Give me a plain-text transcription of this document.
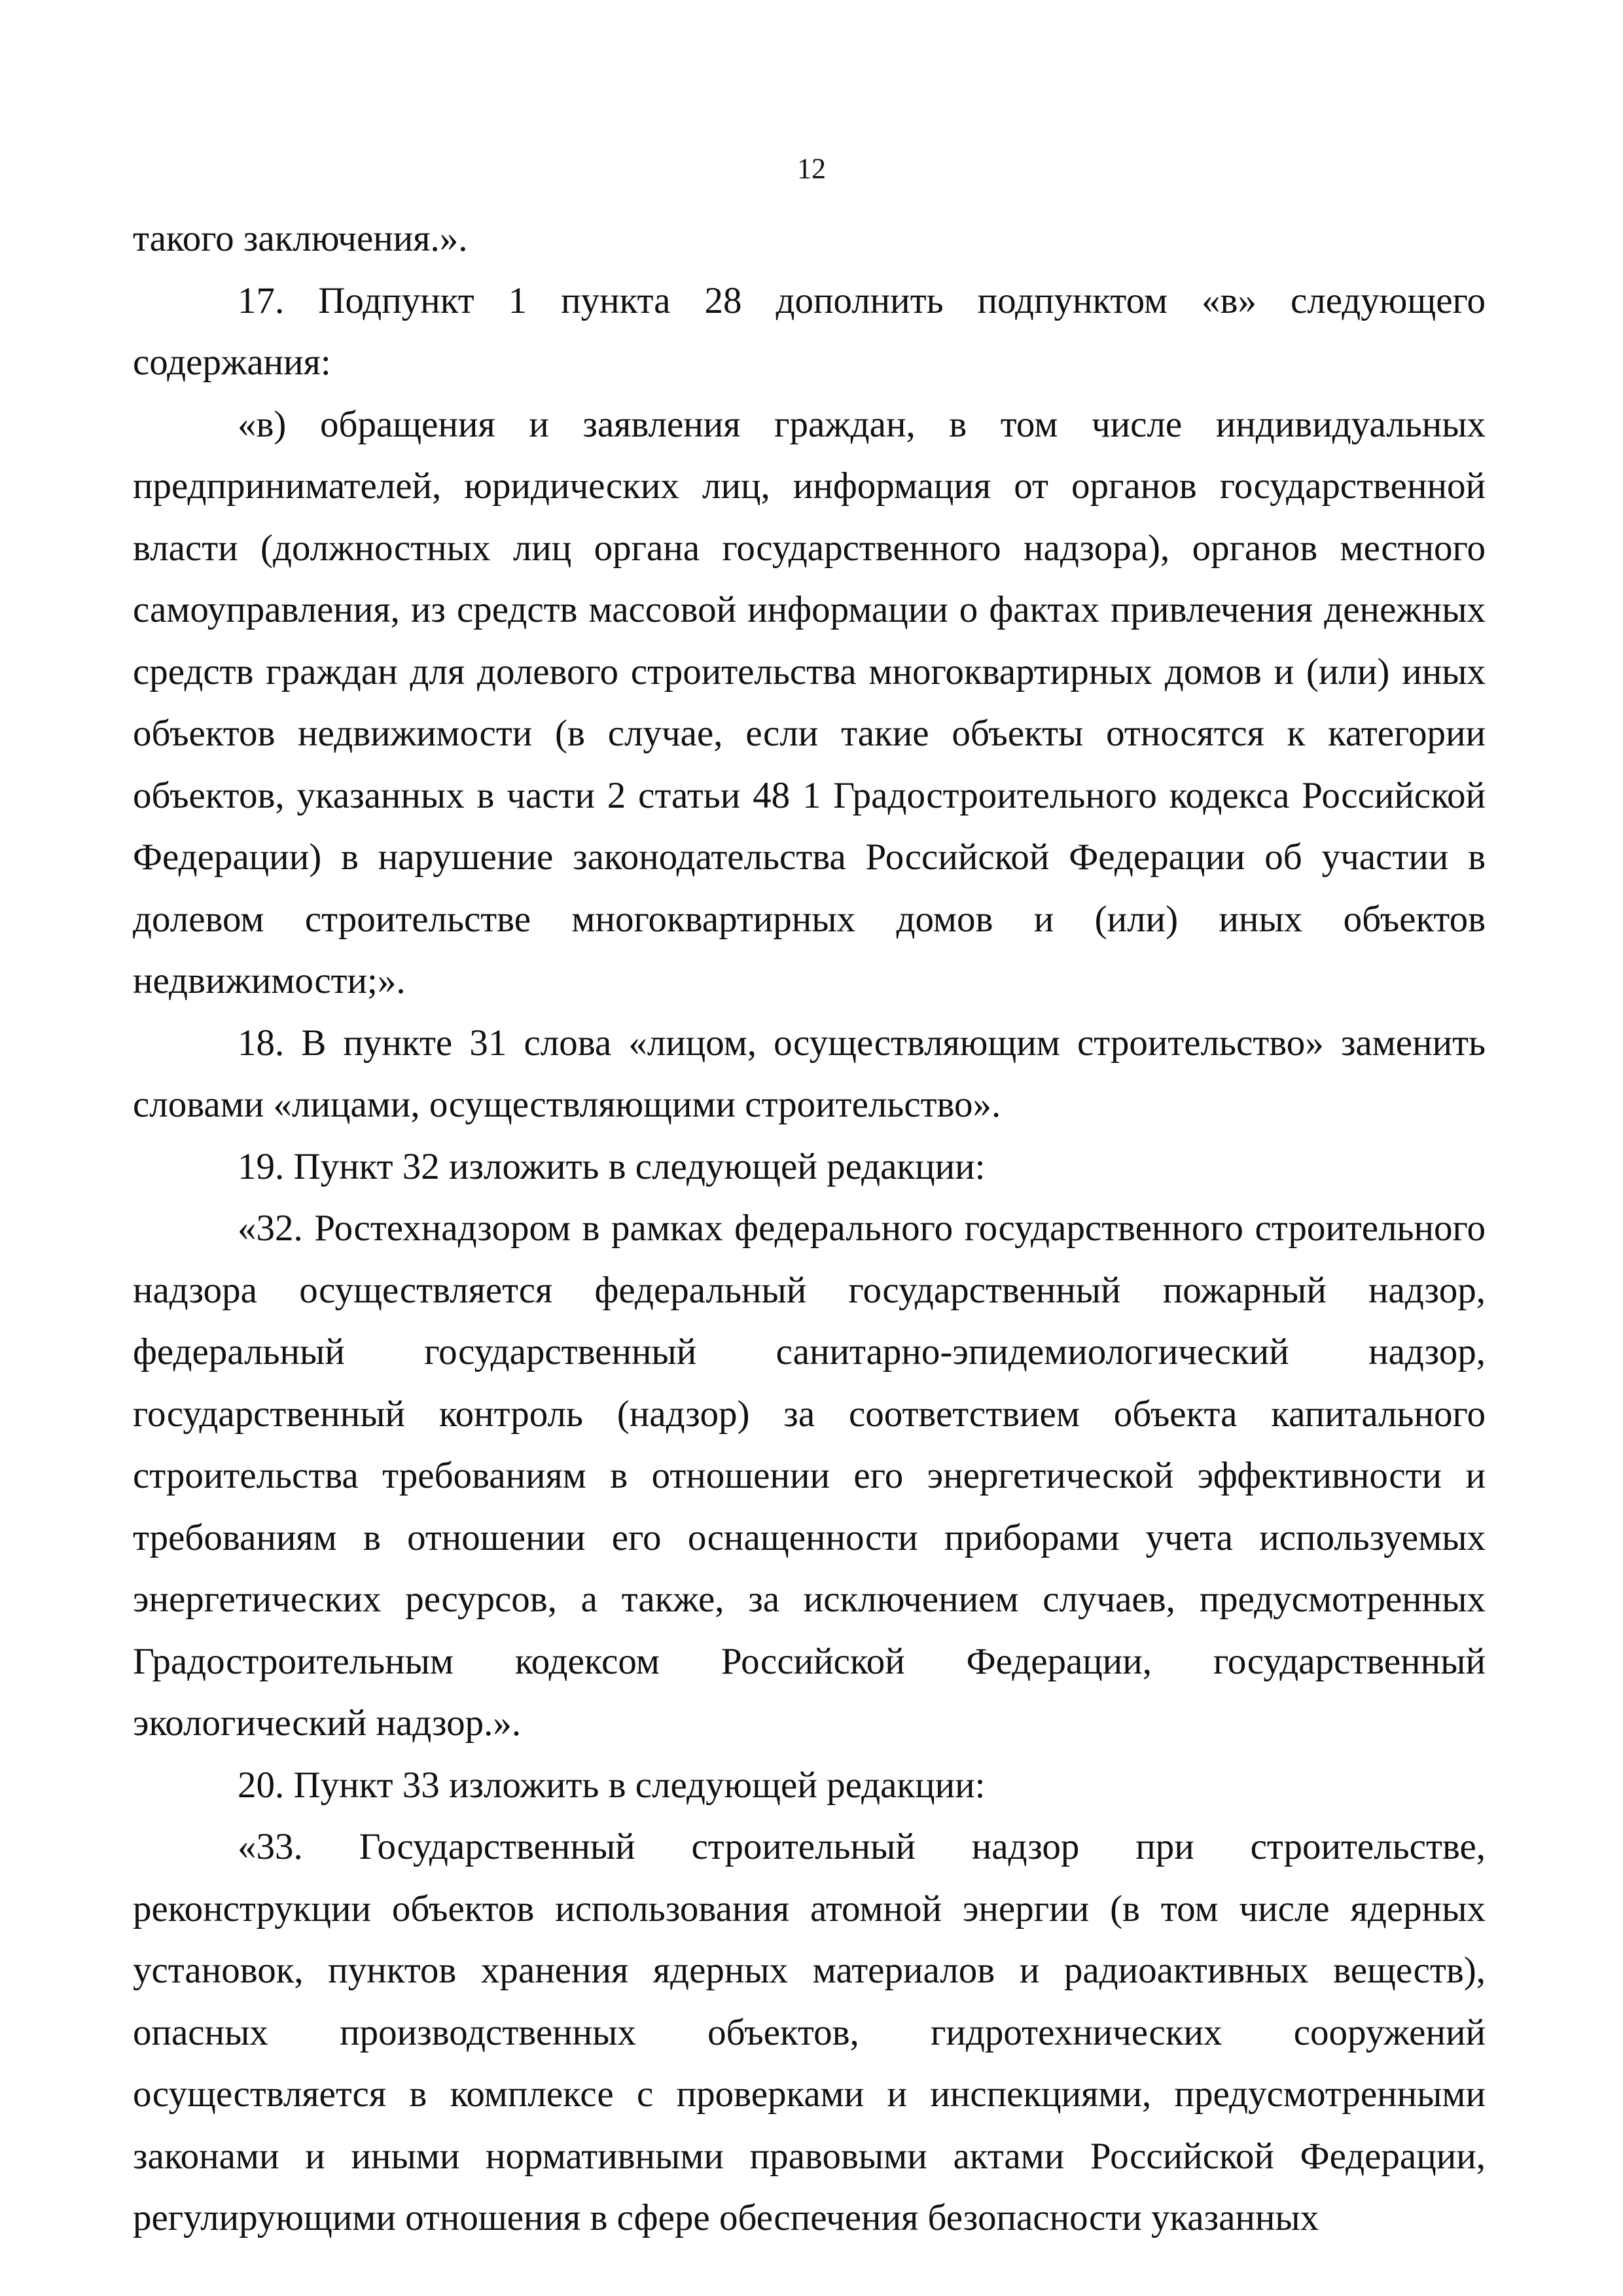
12

такого заключения.».

17. Подпункт 1 пункта 28 дополнить подпунктом «в» следующего содержания:

«в) обращения и заявления граждан, в том числе индивидуальных предпринимателей, юридических лиц, информация от органов государственной власти (должностных лиц органа государственного надзора), органов местного самоуправления, из средств массовой информации о фактах привлечения денежных средств граждан для долевого строительства многоквартирных домов и (или) иных объектов недвижимости (в случае, если такие объекты относятся к категории объектов, указанных в части 2 статьи 48 1 Градостроительного кодекса Российской Федерации) в нарушение законодательства Российской Федерации об участии в долевом строительстве многоквартирных домов и (или) иных объектов недвижимости;».

18. В пункте 31 слова «лицом, осуществляющим строительство» заменить словами «лицами, осуществляющими строительство».

19. Пункт 32 изложить в следующей редакции:

«32. Ростехнадзором в рамках федерального государственного строительного надзора осуществляется федеральный государственный пожарный надзор, федеральный государственный санитарно-эпидемиологический надзор, государственный контроль (надзор) за соответствием объекта капитального строительства требованиям в отношении его энергетической эффективности и требованиям в отношении его оснащенности приборами учета используемых энергетических ресурсов, а также, за исключением случаев, предусмотренных Градостроительным кодексом Российской Федерации, государственный экологический надзор.».

20. Пункт 33 изложить в следующей редакции:

«33. Государственный строительный надзор при строительстве, реконструкции объектов использования атомной энергии (в том числе ядерных установок, пунктов хранения ядерных материалов и радиоактивных веществ), опасных производственных объектов, гидротехнических сооружений осуществляется в комплексе с проверками и инспекциями, предусмотренными законами и иными нормативными правовыми актами Российской Федерации, регулирующими отношения в сфере обеспечения безопасности указанных
